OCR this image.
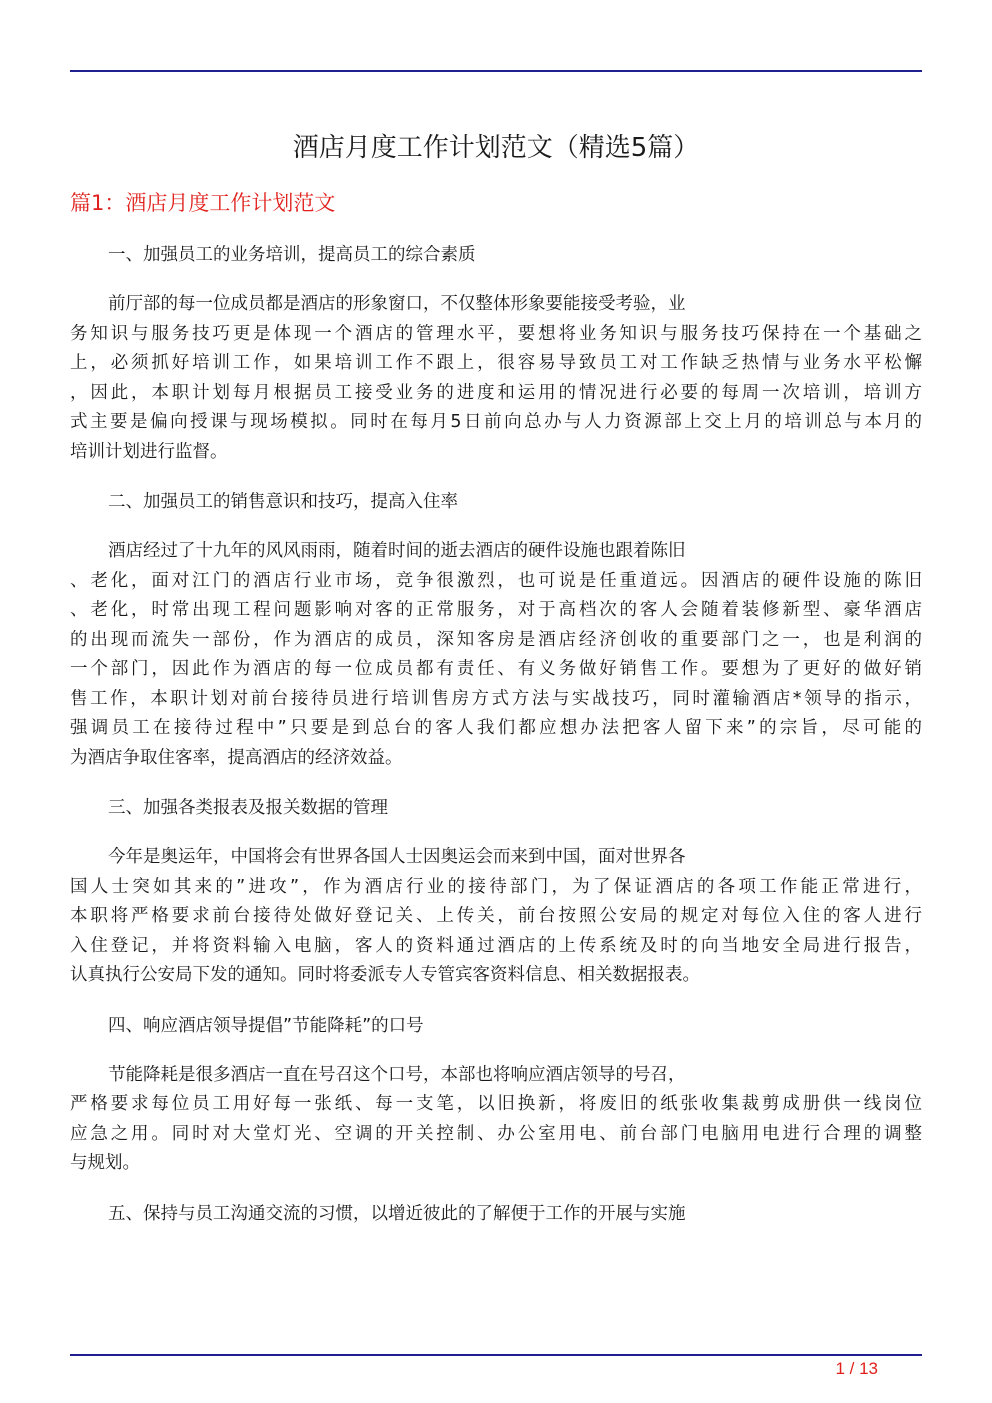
酒店月度工作计划范文（精选5篇）
篇1：酒店月度工作计划范文

一、加强员工的业务培训，提高员工的综合素质

前厅部的每一位成员都是酒店的形象窗口，不仅整体形象要能接受考验，业
务知识与服务技巧更是体现一个酒店的管理水平，要想将业务知识与服务技巧保持在一个基础之
上，必须抓好培训工作，如果培训工作不跟上，很容易导致员工对工作缺乏热情与业务水平松懈
，因此，本职计划每月根据员工接受业务的进度和运用的情况进行必要的每周一次培训，培训方
式主要是偏向授课与现场模拟。同时在每月5日前向总办与人力资源部上交上月的培训总与本月的
培训计划进行监督。

二、加强员工的销售意识和技巧，提高入住率

酒店经过了十九年的风风雨雨，随着时间的逝去酒店的硬件设施也跟着陈旧
、老化，面对江门的酒店行业市场，竞争很激烈，也可说是任重道远。因酒店的硬件设施的陈旧
、老化，时常出现工程问题影响对客的正常服务，对于高档次的客人会随着装修新型、豪华酒店
的出现而流失一部份，作为酒店的成员，深知客房是酒店经济创收的重要部门之一，也是利润的
一个部门，因此作为酒店的每一位成员都有责任、有义务做好销售工作。要想为了更好的做好销
售工作，本职计划对前台接待员进行培训售房方式方法与实战技巧，同时灌输酒店*领导的指示，
强调员工在接待过程中”只要是到总台的客人我们都应想办法把客人留下来”的宗旨，尽可能的
为酒店争取住客率，提高酒店的经济效益。

三、加强各类报表及报关数据的管理

今年是奥运年，中国将会有世界各国人士因奥运会而来到中国，面对世界各
国人士突如其来的”进攻”，作为酒店行业的接待部门，为了保证酒店的各项工作能正常进行，
本职将严格要求前台接待处做好登记关、上传关，前台按照公安局的规定对每位入住的客人进行
入住登记，并将资料输入电脑，客人的资料通过酒店的上传系统及时的向当地安全局进行报告，
认真执行公安局下发的通知。同时将委派专人专管宾客资料信息、相关数据报表。

四、响应酒店领导提倡”节能降耗”的口号

节能降耗是很多酒店一直在号召这个口号，本部也将响应酒店领导的号召，
严格要求每位员工用好每一张纸、每一支笔，以旧换新，将废旧的纸张收集裁剪成册供一线岗位
应急之用。同时对大堂灯光、空调的开关控制、办公室用电、前台部门电脑用电进行合理的调整
与规划。

五、保持与员工沟通交流的习惯，以增近彼此的了解便于工作的开展与实施

1 / 13
